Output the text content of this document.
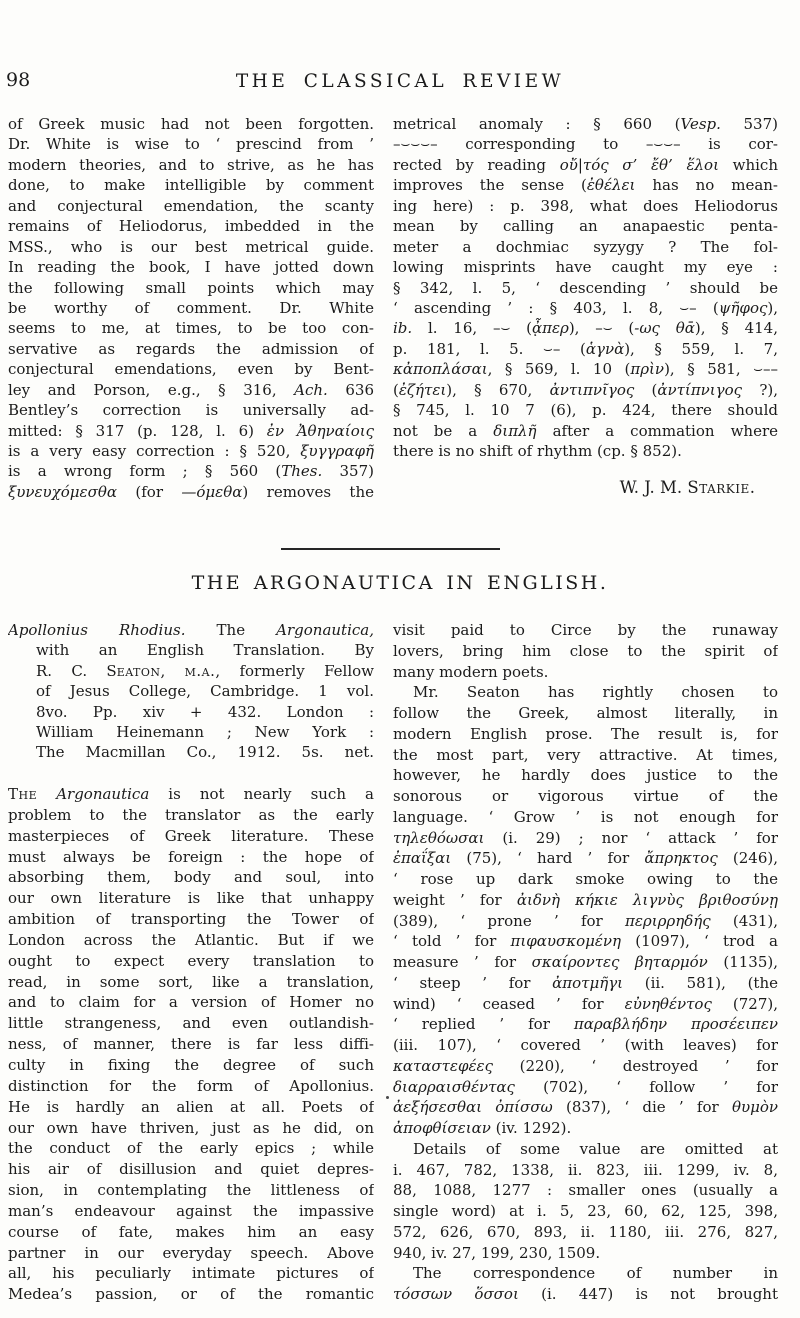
98	THE CLASSICAL REVIEW
of Greek music had not been forgotten.
Dr. White is wise to ‘ prescind from ’
modern theories, and to strive, as he has
done, to make intelligible by comment
and conjectural emendation, the scanty
remains of Heliodorus, imbedded in the
MSS., who is our best metrical guide.
In reading the book, I have jotted down
the following small points which may
be worthy of comment. Dr. White
seems to me, at times, to be too con-
servative as regards the admission of
conjectural emendations, even by Bent-
ley and Porson, e.g., § 316, Ach. 636
Bentley’s correction is universally ad-
mitted: § 317 (p. 128, l. 6) ἐν Ἀθηναίοις
is a very easy correction : § 520, ξυγγραφῆ
is a wrong form ; § 560 (Thes. 357)
ξυνευχόμεσθα (for —όμεθα) removes the
metrical anomaly : § 660 (Vesp. 537)
–⌣⌣⌣– corresponding to –⌣⌣– is cor-
rected by reading οὔ|τός σ’ ἔθ’ ἕλοι which
improves the sense (ἐθέλει has no mean-
ing here) : p. 398, what does Heliodorus
mean by calling an anapaestic penta-
meter a dochmiac syzygy ? The fol-
lowing misprints have caught my eye :
§ 342, l. 5, ‘ descending ’ should be
‘ ascending ’ : § 403, l. 8, ⌣– (ψῆφος),
ib. l. 16, –⌣ (ᾆπερ), –⌣ (-ως θᾱ), § 414,
p. 181, l. 5. ⌣– (ἁγνὰ), § 559, l. 7,
κἀποπλάσαι, § 569, l. 10 (πρὶν), § 581, ⌣––
(ἐζήτει), § 670, ἀντιπνῖγος (ἀντίπνιγος ?),
§ 745, l. 10 7 (6), p. 424, there should
not be a διπλῆ after a commation where
there is no shift of rhythm (cp. § 852).
W. J. M. Starkie.
THE ARGONAUTICA IN ENGLISH.
Apollonius Rhodius. The Argonautica,
with an English Translation. By
R. C. Seaton, m.a., formerly Fellow
of Jesus College, Cambridge. 1 vol.
8vo. Pp. xiv + 432. London :
William Heinemann ; New York :
The Macmillan Co., 1912. 5s. net.
The Argonautica is not nearly such a
problem to the translator as the early
masterpieces of Greek literature. These
must always be foreign : the hope of
absorbing them, body and soul, into
our own literature is like that unhappy
ambition of transporting the Tower of
London across the Atlantic. But if we
ought to expect every translation to
read, in some sort, like a translation,
and to claim for a version of Homer no
little strangeness, and even outlandish-
ness, of manner, there is far less diffi-
culty in fixing the degree of such
distinction for the form of Apollonius.
He is hardly an alien at all. Poets of
our own have thriven, just as he did, on
the conduct of the early epics ; while
his air of disillusion and quiet depres-
sion, in contemplating the littleness of
man’s endeavour against the impassive
course of fate, makes him an easy
partner in our everyday speech. Above
all, his peculiarly intimate pictures of
Medea’s passion, or of the romantic
visit paid to Circe by the runaway
lovers, bring him close to the spirit of
many modern poets.
Mr. Seaton has rightly chosen to
follow the Greek, almost literally, in
modern English prose. The result is, for
the most part, very attractive. At times,
however, he hardly does justice to the
sonorous or vigorous virtue of the
language. ‘ Grow ’ is not enough for
τηλεθόωσαι (i. 29) ; nor ‘ attack ’ for
ἐπαΐξαι (75), ‘ hard ’ for ἄπρηκτος (246),
‘ rose up dark smoke owing to the
weight ’ for ἀιδνὴ κήκιε λιγνὺς βριθοσύνῃ
(389), ‘ prone ’ for περιρρηδής (431),
‘ told ’ for πιφαυσκομένη (1097), ‘ trod a
measure ’ for σκαίροντες βηταρμόν (1135),
‘ steep ’ for ἀποτμῆγι (ii. 581), (the
wind) ‘ ceased ’ for εὐνηθέντος (727),
‘ replied ’ for παραβλήδην προσέειπεν
(iii. 107), ‘ covered ’ (with leaves) for
καταστεφέες (220), ‘ destroyed ’ for
διαρραισθέντας (702), ‘ follow ’ for
ἀεξήσεσθαι ὀπίσσω (837), ‘ die ’ for θυμὸν
ἀποφθίσειαν (iv. 1292).
Details of some value are omitted at
i. 467, 782, 1338, ii. 823, iii. 1299, iv. 8,
88, 1088, 1277 : smaller ones (usually a
single word) at i. 5, 23, 60, 62, 125, 398,
572, 626, 670, 893, ii. 1180, iii. 276, 827,
940, iv. 27, 199, 230, 1509.
The correspondence of number in
τόσσων ὅσσοι (i. 447) is not brought
